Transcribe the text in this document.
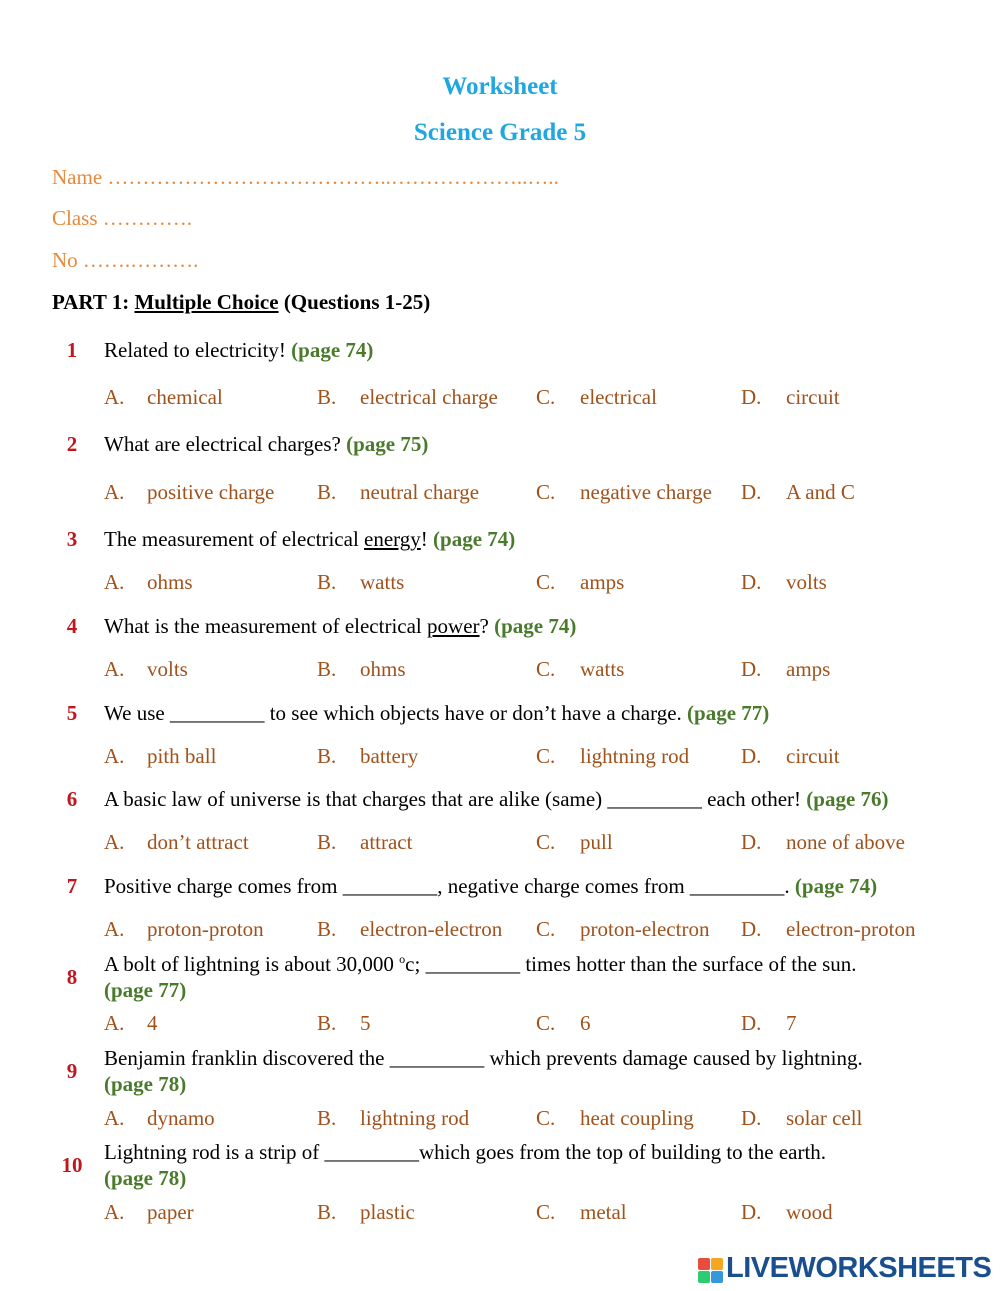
Worksheet
Science Grade 5
Name …………………………………..………………..…..
Class ………….
No …….……….
PART 1: Multiple Choice (Questions 1-25)
1	Related to electricity! (page 74)
A. chemical	B. electrical charge C. electrical	D. circuit
2	What are electrical charges? (page 75)
A. positive charge B. neutral charge	C. negative charge D. A and C
3	The measurement of electrical energy! (page 74)
A. ohms	B. watts	C. amps	D. volts
4	What is the measurement of electrical power? (page 74)
A. volts	B. ohms	C. watts	D. amps
5	We use _________ to see which objects have or don’t have a charge. (page 77)
A. pith ball	B. battery	C. lightning rod D. circuit
6	A basic law of universe is that charges that are alike (same) _________ each other! (page 76)
A. don’t attract	B. attract	C. pull	D. none of above
7	Positive charge comes from _________, negative charge comes from _________. (page 74)
A. proton-proton	B. electron-electron C. proton-electron D. electron-proton
8
A bolt of lightning is about 30,000 $^o$c; _________ times hotter than the surface of the sun.
(page 77)
A. 4	B. 5	C. 6	D. 7
9
Benjamin franklin discovered the _________ which prevents damage caused by lightning.
(page 78)
A. dynamo	B. lightning rod	C. heat coupling D. solar cell
10
Lightning rod is a strip of _________which goes from the top of building to the earth.
(page 78)
A. paper	B. plastic	C. metal	D. wood
LIVEWORKSHEETS
